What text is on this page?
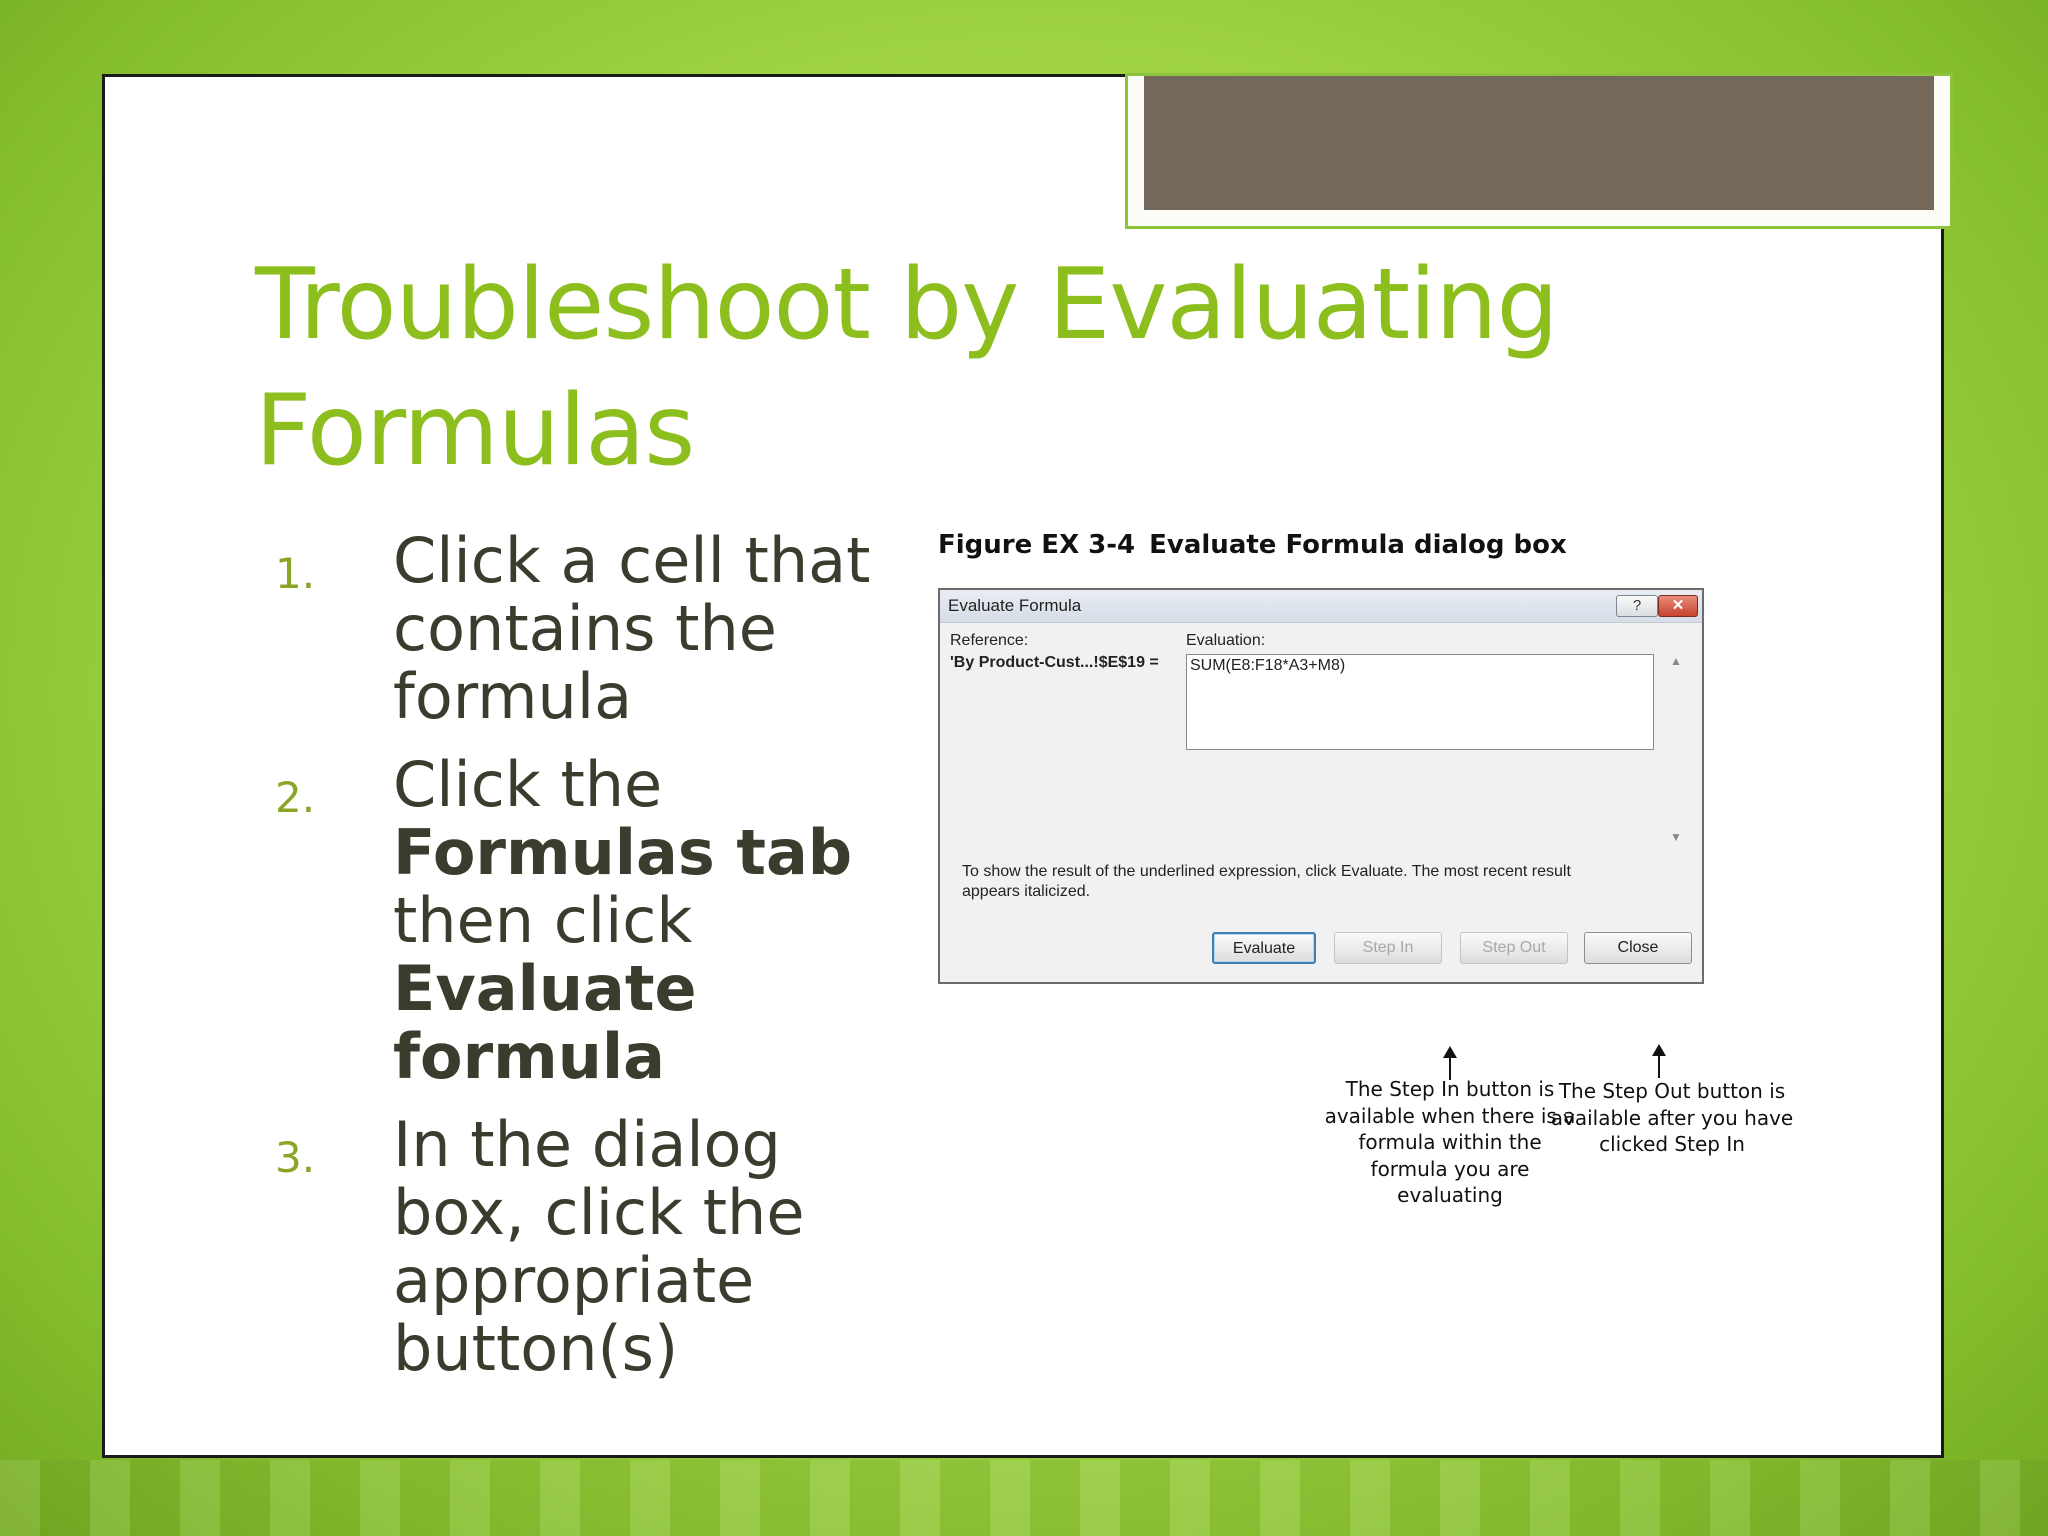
Troubleshoot by Evaluating Formulas
1. Click a cell that contains the formula
2. Click the Formulas tab then click Evaluate formula
3. In the dialog box, click the appropriate button(s)
Figure EX 3-4 Evaluate Formula dialog box
Evaluate Formula	?	✕
Reference:
'By Product-Cust...!$E$19 =
Evaluation:
SUM(E8:F18*A3+M8)	▲
▼
To show the result of the underlined expression, click Evaluate. The most recent result appears italicized.
Evaluate	Step In	Step Out	Close
The Step In button is available when there is a formula within the formula you are evaluating
The Step Out button is available after you have clicked Step In
